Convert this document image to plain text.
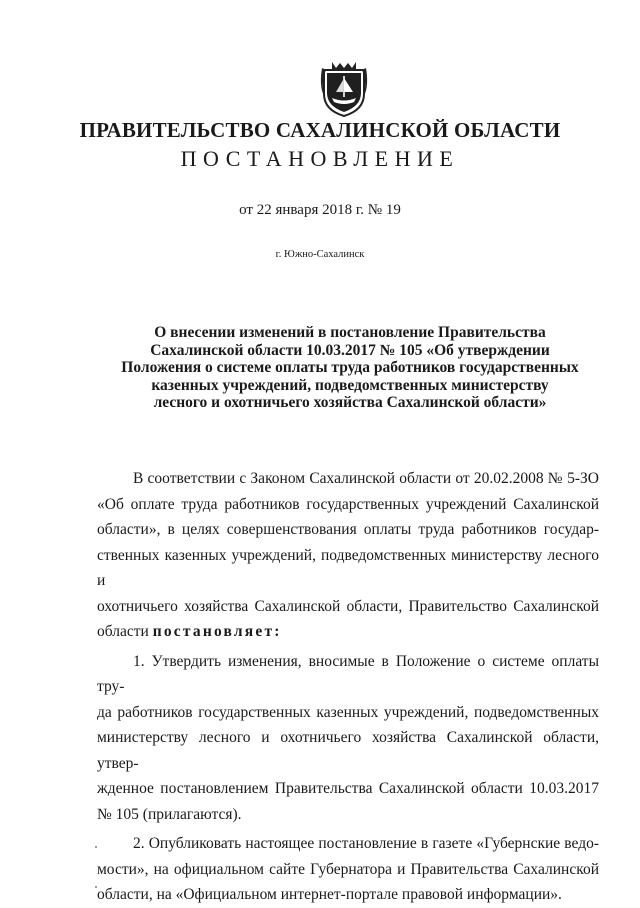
ПРАВИТЕЛЬСТВО САХАЛИНСКОЙ ОБЛАСТИ
ПОСТАНОВЛЕНИЕ
от 22 января 2018 г. № 19
г. Южно-Сахалинск
О внесении изменений в постановление Правительства
Сахалинской области 10.03.2017 № 105 «Об утверждении
Положения о системе оплаты труда работников государственных
казенных учреждений, подведомственных министерству
лесного и охотничьего хозяйства Сахалинской области»

В соответствии с Законом Сахалинской области от 20.02.2008 № 5-ЗО

«Об оплате труда работников государственных учреждений Сахалинской

области», в целях совершенствования оплаты труда работников государ-

ственных казенных учреждений, подведомственных министерству лесного и

охотничьего хозяйства Сахалинской области, Правительство Сахалинской

области постановляет:

1. Утвердить изменения, вносимые в Положение о системе оплаты тру-

да работников государственных казенных учреждений, подведомственных

министерству лесного и охотничьего хозяйства Сахалинской области, утвер-

жденное постановлением Правительства Сахалинской области 10.03.2017

№ 105 (прилагаются).

2. Опубликовать настоящее постановление в газете «Губернские ведо-

мости», на официальном сайте Губернатора и Правительства Сахалинской

области, на «Официальном интернет-портале правовой информации».
